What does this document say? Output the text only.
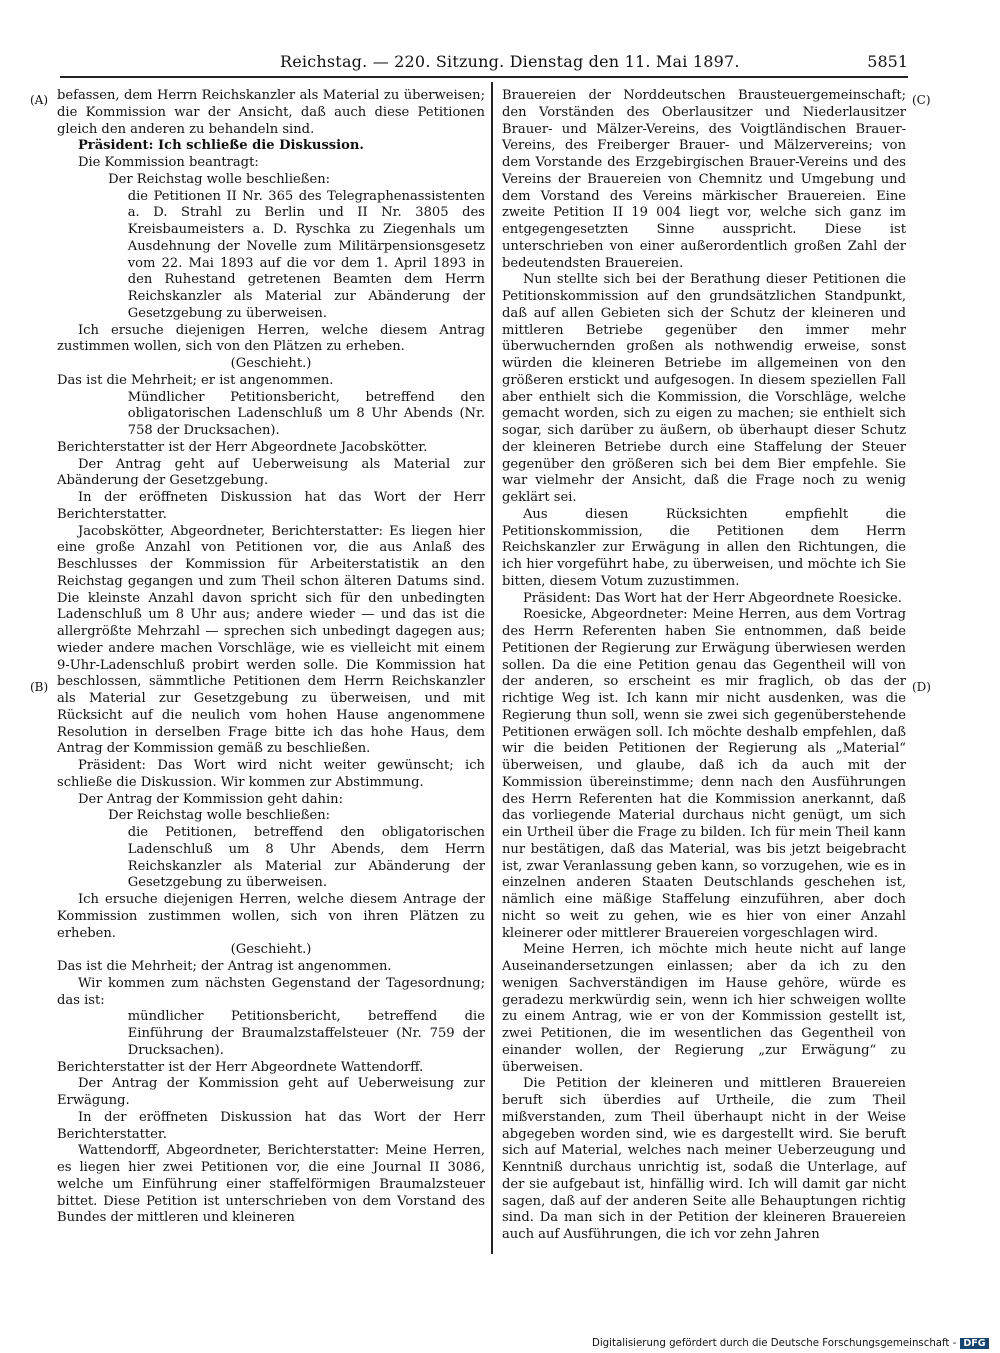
Reichstag. — 220. Sitzung. Dienstag den 11. Mai 1897.	5851
(A)
(B)
(C)
(D)

befassen, dem Herrn Reichskanzler als Material zu überweisen; die Kommission war der Ansicht, daß auch diese Petitionen gleich den anderen zu behandeln sind.

Präsident: Ich schließe die Diskussion.

Die Kommission beantragt:

Der Reichstag wolle beschließen:

die Petitionen II Nr. 365 des Telegraphenassistenten a. D. Strahl zu Berlin und II Nr. 3805 des Kreisbaumeisters a. D. Ryschka zu Ziegenhals um Ausdehnung der Novelle zum Militärpensionsgesetz vom 22. Mai 1893 auf die vor dem 1. April 1893 in den Ruhestand getretenen Beamten dem Herrn Reichskanzler als Material zur Abänderung der Gesetzgebung zu überweisen.

Ich ersuche diejenigen Herren, welche diesem Antrag zustimmen wollen, sich von den Plätzen zu erheben.

(Geschieht.)

Das ist die Mehrheit; er ist angenommen.

Mündlicher Petitionsbericht, betreffend den obligatorischen Ladenschluß um 8 Uhr Abends (Nr. 758 der Drucksachen).

Berichterstatter ist der Herr Abgeordnete Jacobskötter.

Der Antrag geht auf Ueberweisung als Material zur Abänderung der Gesetzgebung.

In der eröffneten Diskussion hat das Wort der Herr Berichterstatter.

Jacobskötter, Abgeordneter, Berichterstatter: Es liegen hier eine große Anzahl von Petitionen vor, die aus Anlaß des Beschlusses der Kommission für Arbeiterstatistik an den Reichstag gegangen und zum Theil schon älteren Datums sind. Die kleinste Anzahl davon spricht sich für den unbedingten Ladenschluß um 8 Uhr aus; andere wieder — und das ist die allergrößte Mehrzahl — sprechen sich unbedingt dagegen aus; wieder andere machen Vorschläge, wie es vielleicht mit einem 9-Uhr-Ladenschluß probirt werden solle. Die Kommission hat beschlossen, sämmtliche Petitionen dem Herrn Reichskanzler als Material zur Gesetzgebung zu überweisen, und mit Rücksicht auf die neulich vom hohen Hause angenommene Resolution in derselben Frage bitte ich das hohe Haus, dem Antrag der Kommission gemäß zu beschließen.

Präsident: Das Wort wird nicht weiter gewünscht; ich schließe die Diskussion. Wir kommen zur Abstimmung.

Der Antrag der Kommission geht dahin:

Der Reichstag wolle beschließen:

die Petitionen, betreffend den obligatorischen Ladenschluß um 8 Uhr Abends, dem Herrn Reichskanzler als Material zur Abänderung der Gesetzgebung zu überweisen.

Ich ersuche diejenigen Herren, welche diesem Antrage der Kommission zustimmen wollen, sich von ihren Plätzen zu erheben.

(Geschieht.)

Das ist die Mehrheit; der Antrag ist angenommen.

Wir kommen zum nächsten Gegenstand der Tagesordnung; das ist:

mündlicher Petitionsbericht, betreffend die Einführung der Braumalzstaffelsteuer (Nr. 759 der Drucksachen).

Berichterstatter ist der Herr Abgeordnete Wattendorff.

Der Antrag der Kommission geht auf Ueberweisung zur Erwägung.

In der eröffneten Diskussion hat das Wort der Herr Berichterstatter.

Wattendorff, Abgeordneter, Berichterstatter: Meine Herren, es liegen hier zwei Petitionen vor, die eine Journal II 3086, welche um Einführung einer staffelförmigen Braumalzsteuer bittet. Diese Petition ist unterschrieben von dem Vorstand des Bundes der mittleren und kleineren

Brauereien der Norddeutschen Brausteuergemeinschaft; den Vorständen des Oberlausitzer und Niederlausitzer Brauer- und Mälzer-Vereins, des Voigtländischen Brauer-Vereins, des Freiberger Brauer- und Mälzervereins; von dem Vorstande des Erzgebirgischen Brauer-Vereins und des Vereins der Brauereien von Chemnitz und Umgebung und dem Vorstand des Vereins märkischer Brauereien. Eine zweite Petition II 19 004 liegt vor, welche sich ganz im entgegengesetzten Sinne ausspricht. Diese ist unterschrieben von einer außerordentlich großen Zahl der bedeutendsten Brauereien.

Nun stellte sich bei der Berathung dieser Petitionen die Petitionskommission auf den grundsätzlichen Standpunkt, daß auf allen Gebieten sich der Schutz der kleineren und mittleren Betriebe gegenüber den immer mehr überwuchernden großen als nothwendig erweise, sonst würden die kleineren Betriebe im allgemeinen von den größeren erstickt und aufgesogen. In diesem speziellen Fall aber enthielt sich die Kommission, die Vorschläge, welche gemacht worden, sich zu eigen zu machen; sie enthielt sich sogar, sich darüber zu äußern, ob überhaupt dieser Schutz der kleineren Betriebe durch eine Staffelung der Steuer gegenüber den größeren sich bei dem Bier empfehle. Sie war vielmehr der Ansicht, daß die Frage noch zu wenig geklärt sei.

Aus diesen Rücksichten empfiehlt die Petitionskommission, die Petitionen dem Herrn Reichskanzler zur Erwägung in allen den Richtungen, die ich hier vorgeführt habe, zu überweisen, und möchte ich Sie bitten, diesem Votum zuzustimmen.

Präsident: Das Wort hat der Herr Abgeordnete Roesicke.

Roesicke, Abgeordneter: Meine Herren, aus dem Vortrag des Herrn Referenten haben Sie entnommen, daß beide Petitionen der Regierung zur Erwägung überwiesen werden sollen. Da die eine Petition genau das Gegentheil will von der anderen, so erscheint es mir fraglich, ob das der richtige Weg ist. Ich kann mir nicht ausdenken, was die Regierung thun soll, wenn sie zwei sich gegenüberstehende Petitionen erwägen soll. Ich möchte deshalb empfehlen, daß wir die beiden Petitionen der Regierung als „Material“ überweisen, und glaube, daß ich da auch mit der Kommission übereinstimme; denn nach den Ausführungen des Herrn Referenten hat die Kommission anerkannt, daß das vorliegende Material durchaus nicht genügt, um sich ein Urtheil über die Frage zu bilden. Ich für mein Theil kann nur bestätigen, daß das Material, was bis jetzt beigebracht ist, zwar Veranlassung geben kann, so vorzugehen, wie es in einzelnen anderen Staaten Deutschlands geschehen ist, nämlich eine mäßige Staffelung einzuführen, aber doch nicht so weit zu gehen, wie es hier von einer Anzahl kleinerer oder mittlerer Brauereien vorgeschlagen wird.

Meine Herren, ich möchte mich heute nicht auf lange Auseinandersetzungen einlassen; aber da ich zu den wenigen Sachverständigen im Hause gehöre, würde es geradezu merkwürdig sein, wenn ich hier schweigen wollte zu einem Antrag, wie er von der Kommission gestellt ist, zwei Petitionen, die im wesentlichen das Gegentheil von einander wollen, der Regierung „zur Erwägung“ zu überweisen.

Die Petition der kleineren und mittleren Brauereien beruft sich überdies auf Urtheile, die zum Theil mißverstanden, zum Theil überhaupt nicht in der Weise abgegeben worden sind, wie es dargestellt wird. Sie beruft sich auf Material, welches nach meiner Ueberzeugung und Kenntniß durchaus unrichtig ist, sodaß die Unterlage, auf der sie aufgebaut ist, hinfällig wird. Ich will damit gar nicht sagen, daß auf der anderen Seite alle Behauptungen richtig sind. Da man sich in der Petition der kleineren Brauereien auch auf Ausführungen, die ich vor zehn Jahren

Digitalisierung gefördert durch die Deutsche Forschungsgemeinschaft - DFG
